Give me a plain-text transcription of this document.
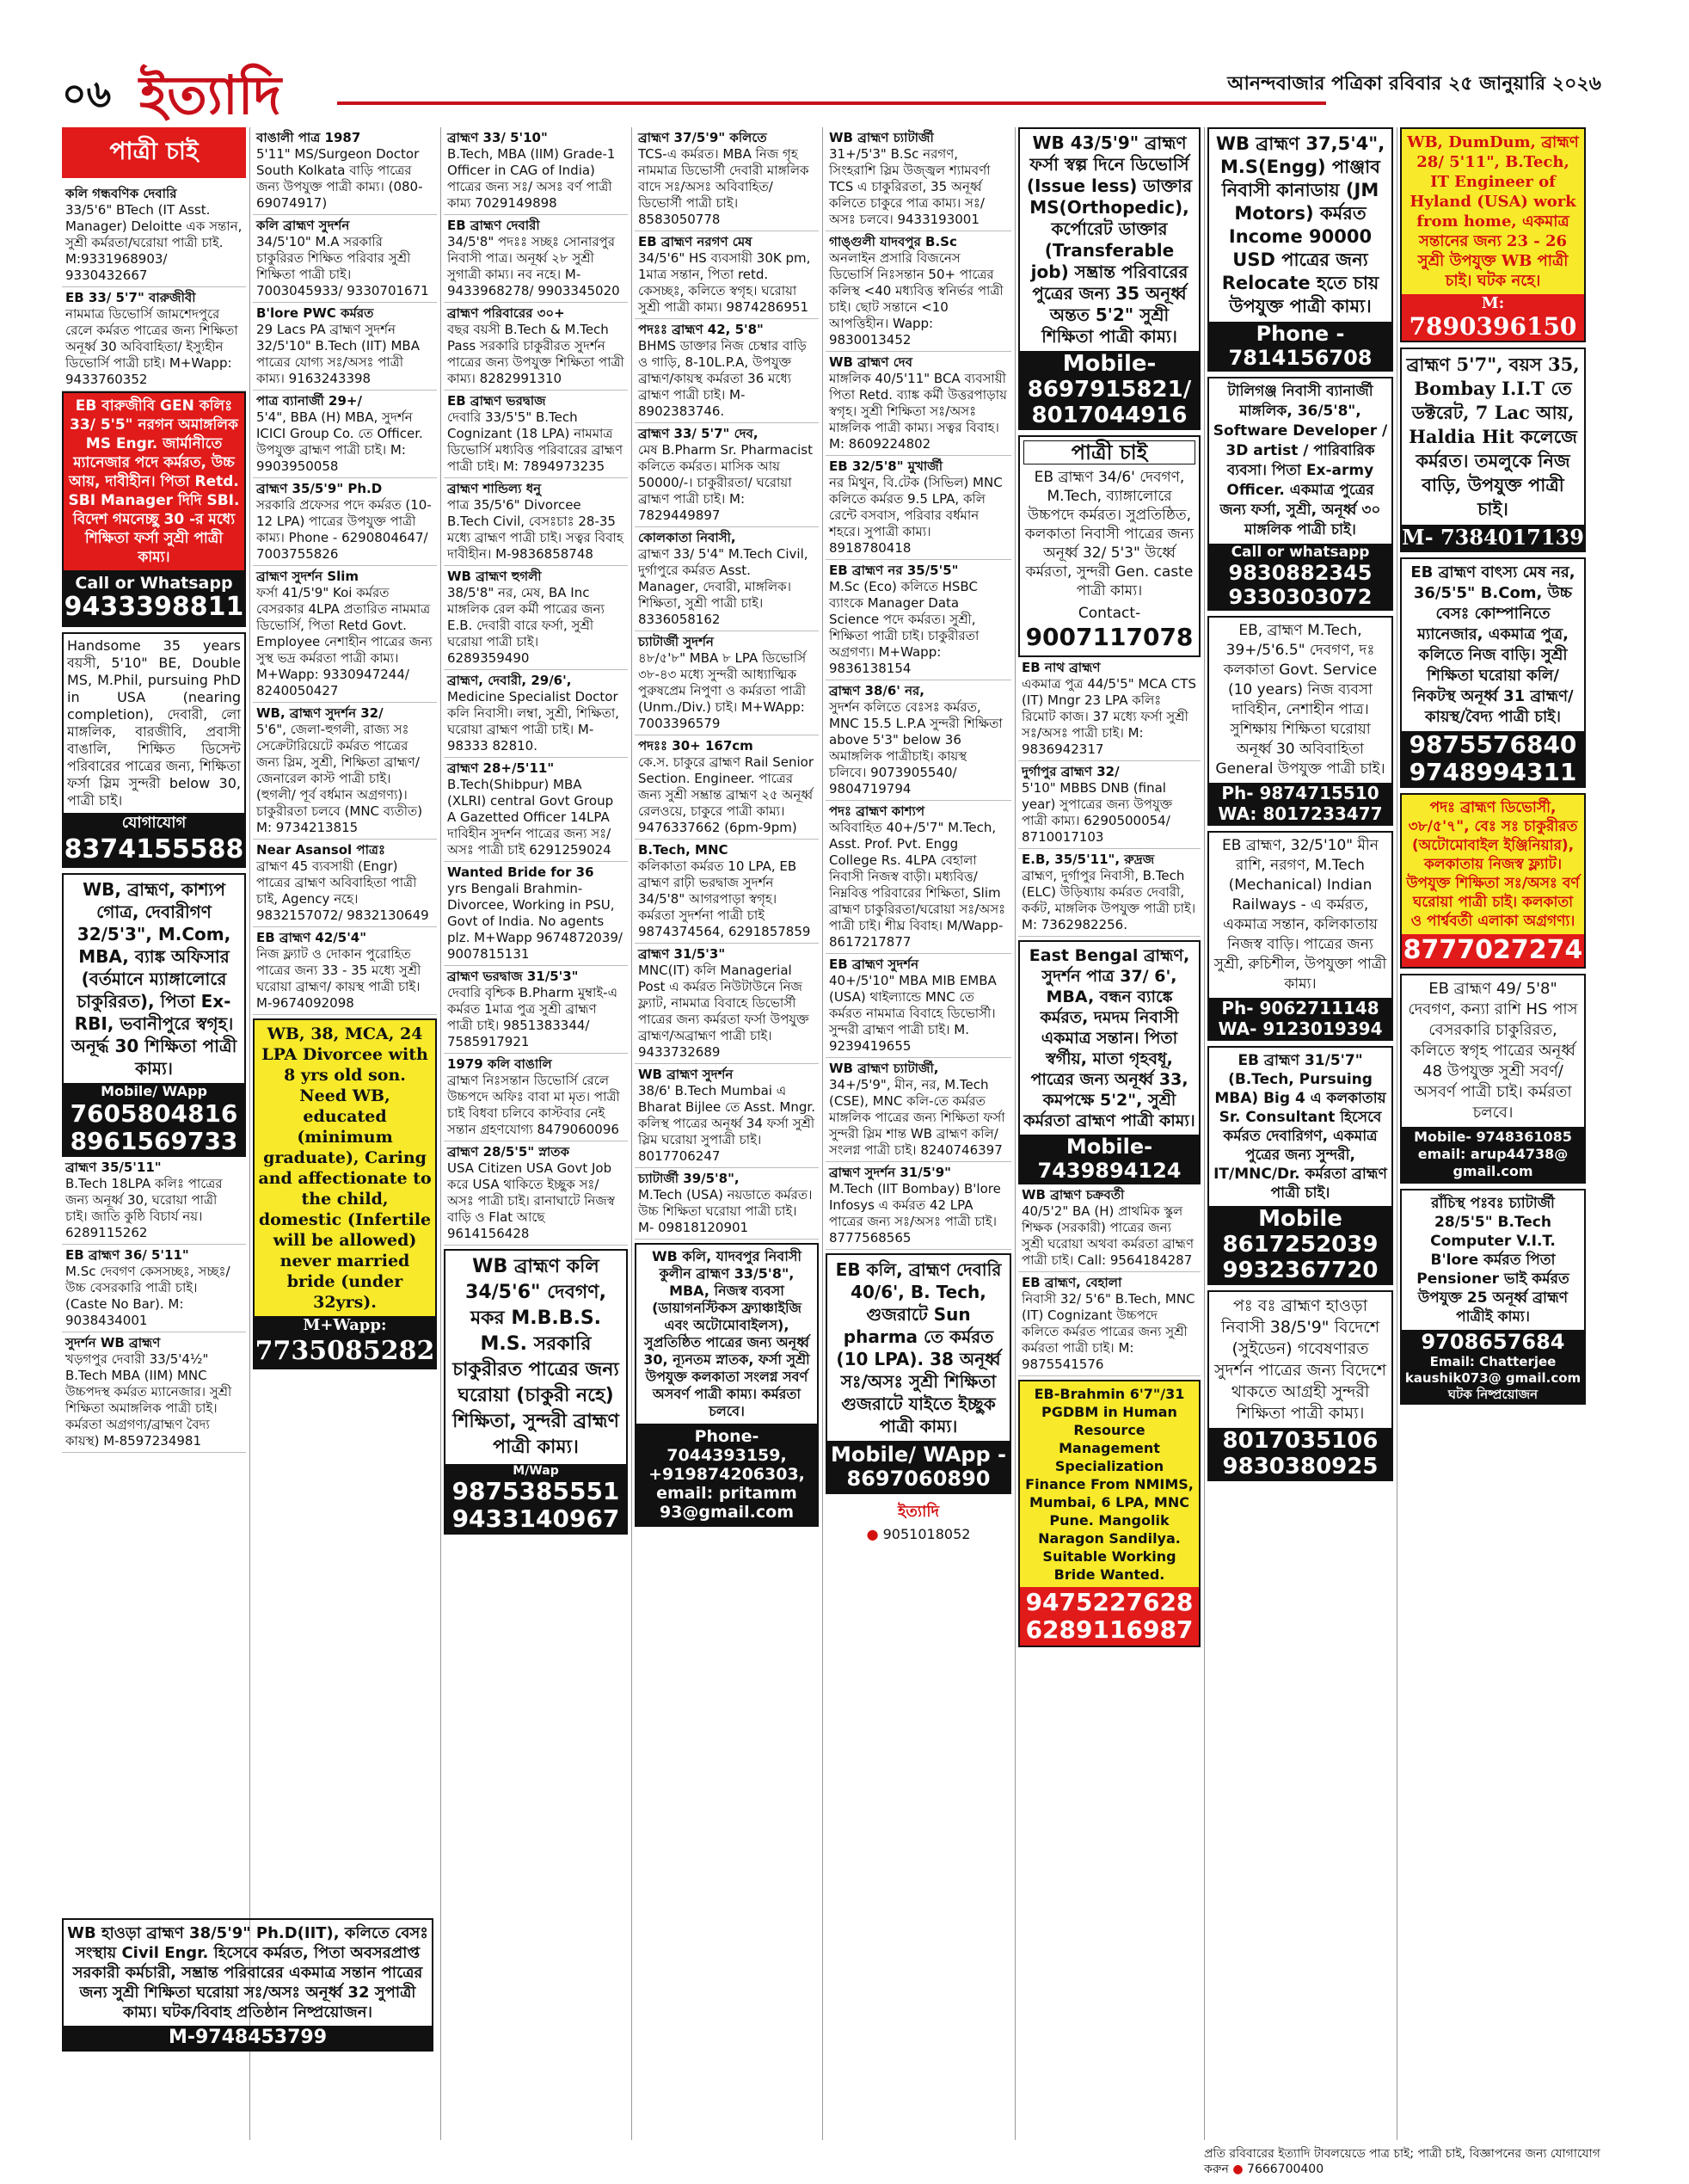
০৬ ইত্যাদি	আনন্দবাজার পত্রিকা রবিবার ২৫ জানুয়ারি ২০২৬
পাত্রী চাই
কলি গন্ধবণিক দেবারি
33/5'6" BTech (IT Asst. Manager) Deloitte এক সন্তান, সুশ্রী কর্মরতা/ঘরোয়া পাত্রী চাই. M:9331968903/ 9330432667
EB 33/ 5'7" বারুজীবী
নামমাত্র ডিভোর্সি জামশেদপুরে রেলে কর্মরত পাত্রের জন্য শিক্ষিতা অনূর্ধ্ব 30 অবিবাহিতা/ ইস্যুহীন ডিভোর্সি পাত্রী চাই। M+Wapp: 9433760352
EB বারুজীবি GEN কলিঃ 33/ 5'5" নরগন অমাঙ্গলিক MS Engr. জার্মানীতে ম্যানেজার পদে কর্মরত, উচ্চ আয়, দাবীহীন। পিতা Retd. SBI Manager দিদি SBI. বিদেশ গমনেচ্ছু 30 -র মধ্যে শিক্ষিতা ফর্সা সুশ্রী পাত্রী কাম্য।
Call or Whatsapp
9433398811
Handsome 35 years বয়সী, 5'10" BE, Double MS, M.Phil, pursuing PhD in USA (nearing completion), দেবারী, লো মাঙ্গলিক, বারজীবি, প্রবাসী বাঙালি, শিক্ষিত ডিসেন্ট পরিবারের পাত্রের জন্য, শিক্ষিতা ফর্সা স্লিম সুন্দরী below 30, পাত্রী চাই।
যোগাযোগ
8374155588
WB, ব্রাহ্মণ, কাশ্যপ গোত্র, দেবারীগণ 32/5'3", M.Com, MBA, ব্যাঙ্ক অফিসার (বর্তমানে ম্যাঙ্গালোরে চাকুরিরত), পিতা Ex-RBI, ভবানীপুরে স্বগৃহ। অনূর্দ্ধ 30 শিক্ষিতা পাত্রী কাম্য।
Mobile/ WApp
7605804816
8961569733
ব্রাহ্মণ 35/5'11"
B.Tech 18LPA কলিঃ পাত্রের জন্য অনূর্ধ্ব 30, ঘরোয়া পাত্রী চাই। জাতি কুষ্ঠি বিচার্য নয়। 6289115262
EB ব্রাহ্মণ 36/ 5'11"
M.Sc দেবগণ কেসসচ্ছঃ, সচ্ছঃ/ উচ্চ বেসরকারি পাত্রী চাই। (Caste No Bar). M: 9038434001
সুদর্শন WB ব্রাহ্মণ
খড়গপুর দেবারী 33/5'4½" B.Tech MBA (IIM) MNC উচ্চপদস্থ কর্মরত ম্যানেজার। সুশ্রী শিক্ষিতা অমাঙ্গলিক পাত্রী চাই। কর্মরতা অগ্রগণ্য/ব্রাহ্মণ বৈদ্য কায়স্থ) M-8597234981
বাঙালী পাত্র 1987
5'11" MS/Surgeon Doctor South Kolkata বাড়ি পাত্রের জন্য উপযুক্ত পাত্রী কাম্য। (080-69074917)
কলি ব্রাহ্মণ সুদর্শন
34/5'10" M.A সরকারি চাকুরিরত শিক্ষিত পরিবার সুশ্রী শিক্ষিতা পাত্রী চাই। 7003045933/ 9330701671
B'lore PWC কর্মরত
29 Lacs PA ব্রাহ্মণ সুদর্শন 32/5'10" B.Tech (IIT) MBA পাত্রের যোগ্য সঃ/অসঃ পাত্রী কাম্য। 9163243398
পাত্র ব্যানার্জী 29+/
5'4", BBA (H) MBA, সুদর্শন ICICI Group Co. তে Officer. উপযুক্ত ব্রাহ্মণ পাত্রী চাই। M: 9903950058
ব্রাহ্মণ 35/5'9" Ph.D
সরকারি প্রফেসর পদে কর্মরত (10-12 LPA) পাত্রের উপযুক্ত পাত্রী কাম্য। Phone - 6290804647/ 7003755826
ব্রাহ্মণ সুদর্শন Slim
ফর্সা 41/5'9" Koi কর্মরত বেসরকার 4LPA প্রতারিত নামমাত্র ডিভোর্সি, পিতা Retd Govt. Employee নেশাহীন পাত্রের জন্য সুস্থ ভদ্র কর্মরতা পাত্রী কাম্য। M+Wapp: 9330947244/ 8240050427
WB, ব্রাহ্মণ সুদর্শন 32/
5'6", জেলা-হুগলী, রাজ্য সঃ সেক্রেটারিয়েটে কর্মরত পাত্রের জন্য স্লিম, সুশ্রী, শিক্ষিতা ব্রাহ্মণ/ জেনারেল কাস্ট পাত্রী চাই। (হুগলী/ পূর্ব বর্ধমান অগ্রগণ্য)। চাকুরীরতা চলবে (MNC ব্যতীত) M: 9734213815
Near Asansol পাত্রঃ
ব্রাহ্মণ 45 ব্যবসায়ী (Engr) পাত্রের ব্রাহ্মণ অবিবাহিতা পাত্রী চাই, Agency নহে। 9832157072/ 9832130649
EB ব্রাহ্মণ 42/5'4"
নিজ ফ্ল্যাট ও দোকান পুরোহিত পাত্রের জন্য 33 - 35 মধ্যে সুশ্রী ঘরোয়া ব্রাহ্মণ/ কায়স্থ পাত্রী চাই। M-9674092098
WB, 38, MCA, 24 LPA Divorcee with 8 yrs old son. Need WB, educated (minimum graduate), Caring and affectionate to the child, domestic (Infertile will be allowed) never married bride (under 32yrs).
M+Wapp:
7735085282
ব্রাহ্মণ 33/ 5'10"
B.Tech, MBA (IIM) Grade-1 Officer in CAG of India) পাত্রের জন্য সঃ/ অসঃ বর্ণ পাত্রী কাম্য 7029149898
EB ব্রাহ্মণ দেবারী
34/5'8" পদঃঃ সচ্ছঃ সোনারপুর নিবাসী পাত্র। অনূর্ধ্ব ২৮ সুশ্রী সুগাত্রী কাম্য। নব নহে। M-9433968278/ 9903345020
ব্রাহ্মণ পরিবারের ৩০+
বছর বয়সী B.Tech & M.Tech Pass সরকারি চাকুরীরত সুদর্শন পাত্রের জন্য উপযুক্ত শিক্ষিতা পাত্রী কাম্য। 8282991310
EB ব্রাহ্মণ ভরদ্বাজ
দেবারি 33/5'5" B.Tech Cognizant (18 LPA) নামমাত্র ডিভোর্সি মধ্যবিত্ত পরিবারের ব্রাহ্মণ পাত্রী চাই। M: 7894973235
ব্রাহ্মণ শান্ডিল্য ধনু
পাত্র 35/5'6" Divorcee B.Tech Civil, বেসঃচাঃ 28-35 মধ্যে ব্রাহ্মণ পাত্রী চাই। সত্বর বিবাহ দাবীহীন। M-9836858748
WB ব্রাহ্মণ হুগলী
38/5'8" নর, মেষ, BA Inc মাঙ্গলিক রেল কর্মী পাত্রের জন্য E.B. দেবারী বারে ফর্সা, সুশ্রী ঘরোয়া পাত্রী চাই। 6289359490
ব্রাহ্মণ, দেবারী, 29/6',
Medicine Specialist Doctor কলি নিবাসী। লম্বা, সুশ্রী, শিক্ষিতা, ঘরোয়া ব্রাহ্মণ পাত্রী চাই। M- 98333 82810.
ব্রাহ্মণ 28+/5'11"
B.Tech(Shibpur) MBA (XLRI) central Govt Group A Gazetted Officer 14LPA দাবিহীন সুদর্শন পাত্রের জন্য সঃ/অসঃ পাত্রী চাই 6291259024
Wanted Bride for 36
yrs Bengali Brahmin-Divorcee, Working in PSU, Govt of India. No agents plz. M+Wapp 9674872039/ 9007815131
ব্রাহ্মণ ভরদ্বাজ 31/5'3"
দেবারি বৃশ্চিক B.Pharm মুম্বাই-এ কর্মরত 1মাত্র পুত্র সুশ্রী ব্রাহ্মণ পাত্রী চাই। 9851383344/ 7585917921
1979 কলি বাঙালি
ব্রাহ্মণ নিঃসন্তান ডিভোর্সি রেলে উচ্চপদে অফিঃ বাবা মা মৃত। পাত্রী চাই বিধবা চলিবে কাস্টবার নেই সন্তান গ্রহণযোগ্য 8479060096
ব্রাহ্মণ 28/5'5" স্নাতক
USA Citizen USA Govt Job করে USA থাকিতে ইচ্ছুক সঃ/অসঃ পাত্রী চাই। রানাঘাটে নিজস্ব বাড়ি ও Flat আছে 9614156428
WB ব্রাহ্মণ কলি 34/5'6" দেবগণ, মকর M.B.B.S. M.S. সরকারি চাকুরীরত পাত্রের জন্য ঘরোয়া (চাকুরী নহে) শিক্ষিতা, সুন্দরী ব্রাহ্মণ পাত্রী কাম্য।
M/Wap
9875385551
9433140967
ব্রাহ্মণ 37/5'9" কলিতে
TCS-এ কর্মরত। MBA নিজ গৃহ নামমাত্র ডিভোর্সী দেবারী মাঙ্গলিক বাদে সঃ/অসঃ অবিবাহিত/ ডিভোর্সী পাত্রী চাই। 8583050778
EB ব্রাহ্মণ নরগণ মেষ
34/5'6" HS ব্যবসায়ী 30K pm, 1মাত্র সন্তান, পিতা retd. কেসচ্ছঃ, কলিতে স্বগৃহ। ঘরোয়া সুশ্রী পাত্রী কাম্য। 9874286951
পদঃঃ ব্রাহ্মণ 42, 5'8"
BHMS ডাক্তার নিজ চেম্বার বাড়ি ও গাড়ি, 8-10L.P.A, উপযুক্ত ব্রাহ্মণ/কায়স্থ কর্মরতা 36 মধ্যে ব্রাহ্মণ পাত্রী চাই। M-8902383746.
ব্রাহ্মণ 33/ 5'7" দেব,
মেষ B.Pharm Sr. Pharmacist কলিতে কর্মরত। মাসিক আয় 50000/-। চাকুরীরতা/ ঘরোয়া ব্রাহ্মণ পাত্রী চাই। M: 7829449897
কোলকাতা নিবাসী,
ব্রাহ্মণ 33/ 5'4" M.Tech Civil, দুর্গাপুরে কর্মরত Asst. Manager, দেবারী, মাঙ্গলিক। শিক্ষিতা, সুশ্রী পাত্রী চাই। 8336058162
চ্যাটার্জী সুদর্শন
৪৮/৫'৮" MBA ৮ LPA ডিভোর্সি ৩৮-৪৩ মধ্যে সুন্দরী আধ্যাত্মিক পুরুষপ্রেম নিপুণা ও কর্মরতা পাত্রী (Unm./Div.) চাই। M+WApp: 7003396579
পদঃঃ 30+ 167cm
কে.স. চাকুরে ব্রাহ্মণ Rail Senior Section. Engineer. পাত্রের জন্য সুশ্রী সম্ভ্রান্ত ব্রাহ্মণ ২৫ অনূর্ধ্ব রেলওয়ে, চাকুরে পাত্রী কাম্য। 9476337662 (6pm-9pm)
B.Tech, MNC
কলিকাতা কর্মরত 10 LPA, EB ব্রাহ্মণ রাঢ়ী ভরদ্বাজ সুদর্শন 34/5'8" আগরপাড়া স্বগৃহ। কর্মরতা সুদর্শনা পাত্রী চাই 9874374564, 6291857859
ব্রাহ্মণ 31/5'3"
MNC(IT) কলি Managerial Post এ কর্মরত নিউটাউনে নিজ ফ্ল্যাট, নামমাত্র বিবাহে ডিভোর্সী পাত্রের জন্য কর্মরতা ফর্সা উপযুক্ত ব্রাহ্মণ/অব্রাহ্মণ পাত্রী চাই। 9433732689
WB ব্রাহ্মণ সুদর্শন
38/6' B.Tech Mumbai এ Bharat Bijlee তে Asst. Mngr. কলিস্থ পাত্রের অনূর্ধ্ব 34 ফর্সা সুশ্রী স্লিম ঘরোয়া সুপাত্রী চাই। 8017706247
চ্যাটার্জী 39/5'8",
M.Tech (USA) নয়ডাতে কর্মরত। উচ্চ শিক্ষিতা ঘরোয়া পাত্রী চাই। M- 09818120901
WB কলি, যাদবপুর নিবাসী কুলীন ব্রাহ্মণ 33/5'8", MBA, নিজস্ব ব্যবসা (ডায়াগনস্টিকস ফ্র্যাঞ্চাইজি এবং অটোমোবাইলস), সুপ্রতিষ্ঠিত পাত্রের জন্য অনূর্ধ্ব 30, ন্যূনতম স্নাতক, ফর্সা সুশ্রী উপযুক্ত কলকাতা সংলগ্ন সবর্ণ অসবর্ণ পাত্রী কাম্য। কর্মরতা চলবে।
Phone-
7044393159, +919874206303, email: pritamm 93@gmail.com
WB ব্রাহ্মণ চ্যাটার্জী
31+/5'3" B.Sc নরগণ, সিংহরাশি স্লিম উজ্জ্বল শ্যামবর্ণা TCS এ চাকুরিরতা, 35 অনূর্ধ্ব কলিতে চাকুরে পাত্র কাম্য। সঃ/অসঃ চলবে। 9433193001
গাঙ্গুলী যাদবপুর B.Sc
অনলাইন প্রসারি বিজনেস ডিভোর্সি নিঃসন্তান 50+ পাত্রের কলিস্থ <40 মধ্যবিত্ত স্বনির্ভর পাত্রী চাই। ছোট সন্তানে <10 আপত্তিহীন। Wapp: 9830013452
WB ব্রাহ্মণ দেব
মাঙ্গলিক 40/5'11" BCA ব্যবসায়ী পিতা Retd. ব্যাঙ্ক কর্মী উত্তরপাড়ায় স্বগৃহ। সুশ্রী শিক্ষিতা সঃ/অসঃ মাঙ্গলিক পাত্রী কাম্য। সত্বর বিবাহ। M: 8609224802
EB 32/5'8" মুখার্জী
নর মিথুন, বি.টেক (সিভিল) MNC কলিতে কর্মরত 9.5 LPA, কলি রেন্টে বসবাস, পরিবার বর্ধমান শহরে। সুপাত্রী কাম্য। 8918780418
EB ব্রাহ্মণ নর 35/5'5"
M.Sc (Eco) কলিতে HSBC ব্যাংকে Manager Data Science পদে কর্মরত। সুশ্রী, শিক্ষিতা পাত্রী চাই। চাকুরীরতা অগ্রগণ্য। M+Wapp: 9836138154
ব্রাহ্মণ 38/6' নর,
সুদর্শন কলিতে বেঃসঃ কর্মরত, MNC 15.5 L.P.A সুন্দরী শিক্ষিতা above 5'3" below 36 অমাঙ্গলিক পাত্রীচাই। কায়স্থ চলিবে। 9073905540/ 9804719794
পদঃ ব্রাহ্মণ কাশ্যপ
অবিবাহিত 40+/5'7" M.Tech, Asst. Prof. Pvt. Engg College Rs. 4LPA বেহালা নিবাসী নিজস্ব বাড়ী। মধ্যবিত্ত/ নিম্নবিত্ত পরিবারের শিক্ষিতা, Slim ব্রাহ্মণ চাকুরিরতা/ঘরোয়া সঃ/অসঃ পাত্রী চাই। শীঘ্র বিবাহ। M/Wapp- 8617217877
EB ব্রাহ্মণ সুদর্শন
40+/5'10" MBA MIB EMBA (USA) থাইল্যান্ডে MNC তে কর্মরত নামমাত্র বিবাহে ডিভোর্সী। সুন্দরী ব্রাহ্মণ পাত্রী চাই। M. 9239419655
WB ব্রাহ্মণ চ্যাটার্জী,
34+/5'9", মীন, নর, M.Tech (CSE), MNC কলি-তে কর্মরত মাঙ্গলিক পাত্রের জন্য শিক্ষিতা ফর্সা সুন্দরী স্লিম শান্ত WB ব্রাহ্মণ কলি/ সংলগ্ন পাত্রী চাই। 8240746397
ব্রাহ্মণ সুদর্শন 31/5'9"
M.Tech (IIT Bombay) B'lore Infosys এ কর্মরত 42 LPA পাত্রের জন্য সঃ/অসঃ পাত্রী চাই। 8777568565
EB কলি, ব্রাহ্মণ দেবারি 40/6', B. Tech, গুজরাটে Sun pharma তে কর্মরত (10 LPA). 38 অনূর্ধ্ব সঃ/অসঃ সুশ্রী শিক্ষিতা গুজরাটে যাইতে ইচ্ছুক পাত্রী কাম্য।
Mobile/ WApp -
8697060890
ইত্যাদি
● 9051018052
WB 43/5'9" ব্রাহ্মণ ফর্সা স্বল্প দিনে ডিভোর্সি (Issue less) ডাক্তার MS(Orthopedic), কর্পোরেট ডাক্তার (Transferable job) সম্ভ্রান্ত পরিবারের পুত্রের জন্য 35 অনূর্ধ্ব অন্তত 5'2" সুশ্রী শিক্ষিতা পাত্রী কাম্য।
Mobile-
8697915821/
8017044916
পাত্রী চাই
EB ব্রাহ্মণ 34/6' দেবগণ, M.Tech, ব্যাঙ্গালোরে উচ্চপদে কর্মরত। সুপ্রতিষ্ঠিত, কলকাতা নিবাসী পাত্রের জন্য অনূর্ধ্ব 32/ 5'3" উর্ধ্বে কর্মরতা, সুন্দরী Gen. caste পাত্রী কাম্য।
Contact-
9007117078
EB নাথ ব্রাহ্মণ
একমাত্র পুত্র 44/5'5" MCA CTS (IT) Mngr 23 LPA কলিঃ রিমোট কাজ। 37 মধ্যে ফর্সা সুশ্রী সঃ/অসঃ পাত্রী চাই। M: 9836942317
দুর্গাপুর ব্রাহ্মণ 32/
5'10" MBBS DNB (final year) সুপাত্রের জন্য উপযুক্ত পাত্রী কাম্য। 6290500054/ 8710017103
E.B, 35/5'11", রুদ্রজ
ব্রাহ্মণ, দুর্গাপুর নিবাসী, B.Tech (ELC) উড়িষ্যায় কর্মরত দেবারী, কর্কট, মাঙ্গলিক উপযুক্ত পাত্রী চাই। M: 7362982256.
East Bengal ব্রাহ্মণ, সুদর্শন পাত্র 37/ 6', MBA, বন্ধন ব্যাঙ্কে কর্মরত, দমদম নিবাসী একমাত্র সন্তান। পিতা স্বর্গীয়, মাতা গৃহবধূ, পাত্রের জন্য অনূর্ধ্ব 33, কমপক্ষে 5'2", সুশ্রী কর্মরতা ব্রাহ্মণ পাত্রী কাম্য।
Mobile-
7439894124
WB ব্রাহ্মণ চক্রবর্তী
40/5'2" BA (H) প্রাথমিক স্কুল শিক্ষক (সরকারী) পাত্রের জন্য সুশ্রী ঘরোয়া অথবা কর্মরতা ব্রাহ্মণ পাত্রী চাই। Call: 9564184287
EB ব্রাহ্মণ, বেহালা
নিবাসী 32/ 5'6" B.Tech, MNC (IT) Cognizant উচ্চপদে কলিতে কর্মরত পাত্রের জন্য সুশ্রী কর্মরতা পাত্রী চাই। M: 9875541576
EB-Brahmin 6'7"/31 PGDBM in Human Resource Management Specialization Finance From NMIMS, Mumbai, 6 LPA, MNC Pune. Mangolik Naragon Sandilya. Suitable Working Bride Wanted.
9475227628
6289116987
WB ব্রাহ্মণ 37,5'4", M.S(Engg) পাঞ্জাব নিবাসী কানাডায় (JM Motors) কর্মরত Income 90000 USD পাত্রের জন্য Relocate হতে চায় উপযুক্ত পাত্রী কাম্য।
Phone -
7814156708
টালিগঞ্জ নিবাসী ব্যানার্জী মাঙ্গলিক, 36/5'8", Software Developer / 3D artist / পারিবারিক ব্যবসা। পিতা Ex-army Officer. একমাত্র পুত্রের জন্য ফর্সা, সুশ্রী, অনূর্ধ্ব ৩০ মাঙ্গলিক পাত্রী চাই।
Call or whatsapp
9830882345
9330303072
EB, ব্রাহ্মণ M.Tech, 39+/5'6.5" দেবগণ, দঃ কলকাতা Govt. Service (10 years) নিজ ব্যবসা দাবিহীন, নেশাহীন পাত্র। সুশিক্ষায় শিক্ষিতা ঘরোয়া অনূর্ধ্ব 30 অবিবাহিতা General উপযুক্ত পাত্রী চাই।
Ph- 9874715510
WA: 8017233477
EB ব্রাহ্মণ, 32/5'10" মীন রাশি, নরগণ, M.Tech (Mechanical) Indian Railways - এ কর্মরত, একমাত্র সন্তান, কলিকাতায় নিজস্ব বাড়ি। পাত্রের জন্য সুশ্রী, রুচিশীল, উপযুক্তা পাত্রী কাম্য।
Ph- 9062711148
WA- 9123019394
EB ব্রাহ্মণ 31/5'7" (B.Tech, Pursuing MBA) Big 4 এ কলকাতায় Sr. Consultant হিসেবে কর্মরত দেবারিগণ, একমাত্র পুত্রের জন্য সুন্দরী, IT/MNC/Dr. কর্মরতা ব্রাহ্মণ পাত্রী চাই।
Mobile
8617252039
9932367720
পঃ বঃ ব্রাহ্মণ হাওড়া নিবাসী 38/5'9" বিদেশে (সুইডেন) গবেষণারত সুদর্শন পাত্রের জন্য বিদেশে থাকতে আগ্রহী সুন্দরী শিক্ষিতা পাত্রী কাম্য।
8017035106
9830380925
WB, DumDum, ব্রাহ্মণ 28/ 5'11", B.Tech, IT Engineer of Hyland (USA) work from home, একমাত্র সন্তানের জন্য 23 - 26 সুশ্রী উপযুক্ত WB পাত্রী চাই। ঘটক নহে।
M:
7890396150
ব্রাহ্মণ 5'7", বয়স 35, Bombay I.I.T তে ডক্টরেট, 7 Lac আয়, Haldia Hit কলেজে কর্মরত। তমলুকে নিজ বাড়ি, উপযুক্ত পাত্রী চাই।
M- 7384017139
EB ব্রাহ্মণ বাৎস্য মেষ নর, 36/5'5" B.Com, উচ্চ বেসঃ কোম্পানিতে ম্যানেজার, একমাত্র পুত্র, কলিতে নিজ বাড়ি। সুশ্রী শিক্ষিতা ঘরোয়া কলি/নিকটস্থ অনূর্ধ্ব 31 ব্রাহ্মণ/ কায়স্থ/বৈদ্য পাত্রী চাই।
9875576840
9748994311
পদঃ ব্রাহ্মণ ডিভোর্সী, ৩৮/৫'৭", বেঃ সঃ চাকুরীরত (অটোমোবাইল ইঞ্জিনিয়ার), কলকাতায় নিজস্ব ফ্ল্যাট। উপযুক্ত শিক্ষিতা সঃ/অসঃ বর্ণ ঘরোয়া পাত্রী চাই। কলকাতা ও পার্শ্ববর্তী এলাকা অগ্রগণ্য।
8777027274
EB ব্রাহ্মণ 49/ 5'8" দেবগণ, কন্যা রাশি HS পাস বেসরকারি চাকুরিরত, কলিতে স্বগৃহ পাত্রের অনূর্ধ্ব 48 উপযুক্ত সুশ্রী সবর্ণ/ অসবর্ণ পাত্রী চাই। কর্মরতা চলবে।
Mobile- 9748361085 email: arup44738@ gmail.com
রাঁচিস্থ পঃবঃ চ্যাটার্জী 28/5'5" B.Tech Computer V.I.T. B'lore কর্মরত পিতা Pensioner ভাই কর্মরত উপযুক্ত 25 অনূর্ধ্ব ব্রাহ্মণ পাত্রীই কাম্য।
9708657684
Email: Chatterjee kaushik073@ gmail.com
ঘটক নিষ্প্রয়োজন
WB হাওড়া ব্রাহ্মণ 38/5'9" Ph.D(IIT), কলিতে বেসঃ সংস্থায় Civil Engr. হিসেবে কর্মরত, পিতা অবসরপ্রাপ্ত সরকারী কর্মচারী, সম্ভ্রান্ত পরিবারের একমাত্র সন্তান পাত্রের জন্য সুশ্রী শিক্ষিতা ঘরোয়া সঃ/অসঃ অনূর্ধ্ব 32 সুপাত্রী কাম্য। ঘটক/বিবাহ প্রতিষ্ঠান নিষ্প্রয়োজন।
M-9748453799
প্রতি রবিবারের ইত্যাদি টাবলয়েডে পাত্র চাই; পাত্রী চাই, বিজ্ঞাপনের জন্য যোগাযোগ করুন ● 7666700400
